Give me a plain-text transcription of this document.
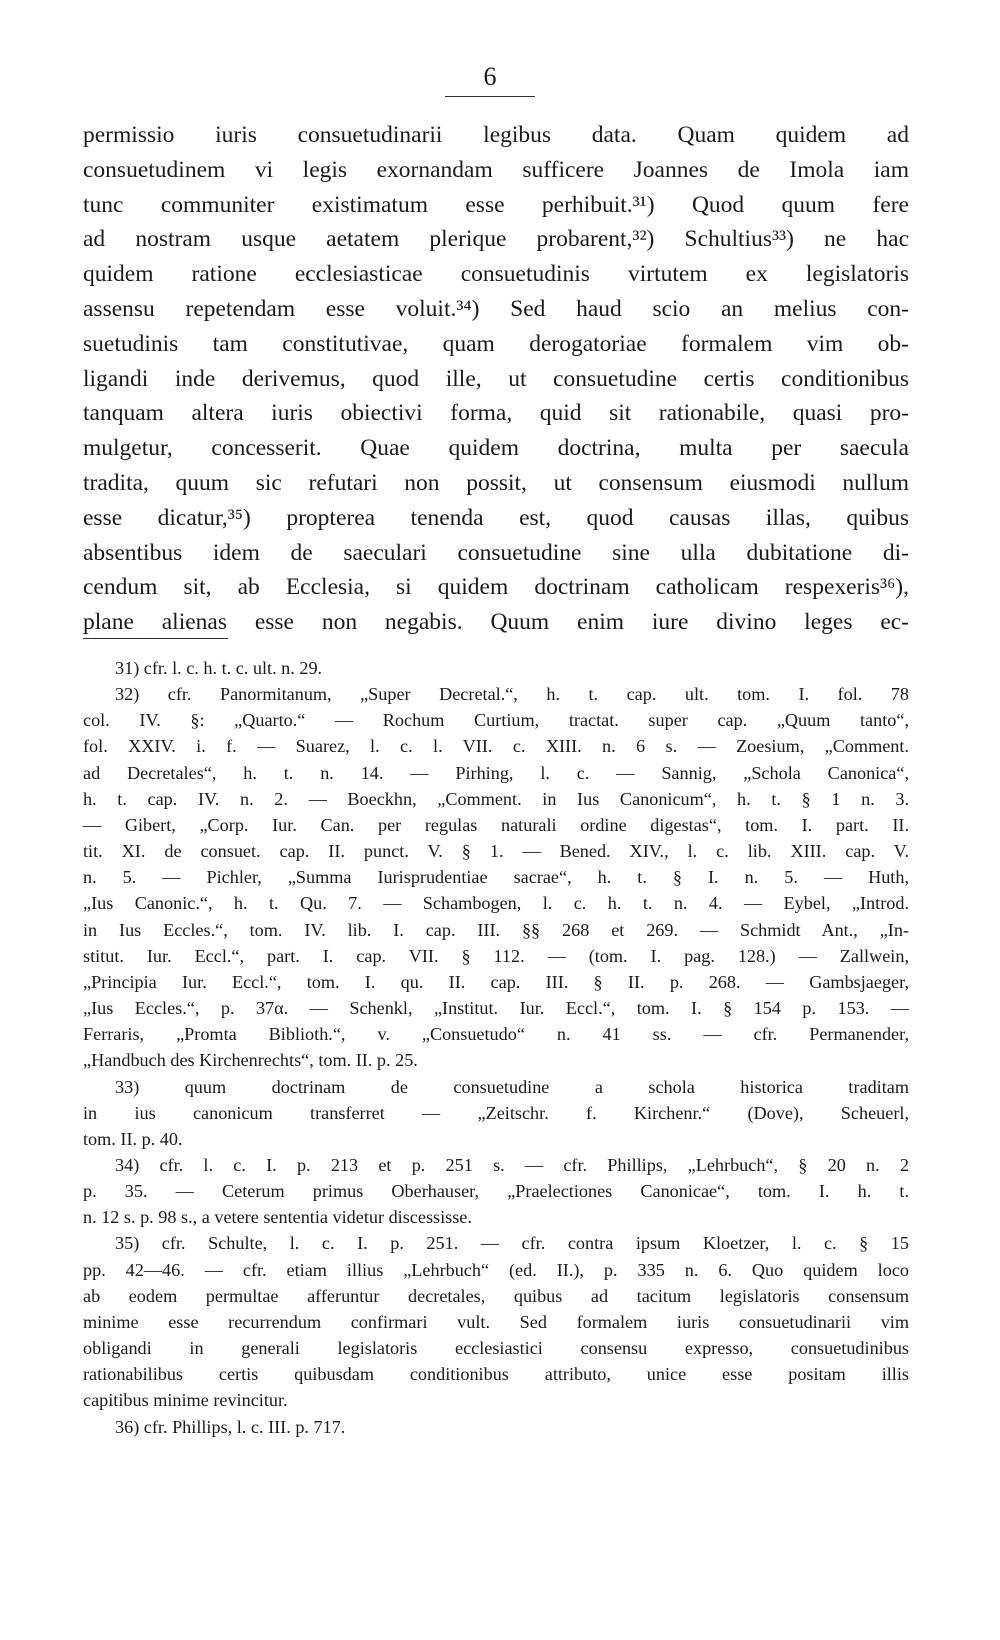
6
permissio iuris consuetudinarii legibus data. Quam quidem ad
consuetudinem vi legis exornandam sufficere Joannes de Imola iam
tunc communiter existimatum esse perhibuit.³¹) Quod quum fere
ad nostram usque aetatem plerique probarent,³²) Schultius³³) ne hac
quidem ratione ecclesiasticae consuetudinis virtutem ex legislatoris
assensu repetendam esse voluit.³⁴) Sed haud scio an melius con-
suetudinis tam constitutivae, quam derogatoriae formalem vim ob-
ligandi inde derivemus, quod ille, ut consuetudine certis conditionibus
tanquam altera iuris obiectivi forma, quid sit rationabile, quasi pro-
mulgetur, concesserit. Quae quidem doctrina, multa per saecula
tradita, quum sic refutari non possit, ut consensum eiusmodi nullum
esse dicatur,³⁵) propterea tenenda est, quod causas illas, quibus
absentibus idem de saeculari consuetudine sine ulla dubitatione di-
cendum sit, ab Ecclesia, si quidem doctrinam catholicam respexeris³⁶),
plane alienas esse non negabis. Quum enim iure divino leges ec-
31) cfr. l. c. h. t. c. ult. n. 29.
32) cfr. Panormitanum, „Super Decretal.“, h. t. cap. ult. tom. I. fol. 78
col. IV. §: „Quarto.“ — Rochum Curtium, tractat. super cap. „Quum tanto“,
fol. XXIV. i. f. — Suarez, l. c. l. VII. c. XIII. n. 6 s. — Zoesium, „Comment.
ad Decretales“, h. t. n. 14. — Pirhing, l. c. — Sannig, „Schola Canonica“,
h. t. cap. IV. n. 2. — Boeckhn, „Comment. in Ius Canonicum“, h. t. § 1 n. 3.
— Gibert, „Corp. Iur. Can. per regulas naturali ordine digestas“, tom. I. part. II.
tit. XI. de consuet. cap. II. punct. V. § 1. — Bened. XIV., l. c. lib. XIII. cap. V.
n. 5. — Pichler, „Summa Iurisprudentiae sacrae“, h. t. § I. n. 5. — Huth,
„Ius Canonic.“, h. t. Qu. 7. — Schambogen, l. c. h. t. n. 4. — Eybel, „Introd.
in Ius Eccles.“, tom. IV. lib. I. cap. III. §§ 268 et 269. — Schmidt Ant., „In-
stitut. Iur. Eccl.“, part. I. cap. VII. § 112. — (tom. I. pag. 128.) — Zallwein,
„Principia Iur. Eccl.“, tom. I. qu. II. cap. III. § II. p. 268. — Gambsjaeger,
„Ius Eccles.“, p. 37α. — Schenkl, „Institut. Iur. Eccl.“, tom. I. § 154 p. 153. —
Ferraris, „Promta Biblioth.“, v. „Consuetudo“ n. 41 ss. — cfr. Permanender,
„Handbuch des Kirchenrechts“, tom. II. p. 25.
33) quum doctrinam de consuetudine a schola historica traditam
in ius canonicum transferret — „Zeitschr. f. Kirchenr.“ (Dove), Scheuerl,
tom. II. p. 40.
34) cfr. l. c. I. p. 213 et p. 251 s. — cfr. Phillips, „Lehrbuch“, § 20 n. 2
p. 35. — Ceterum primus Oberhauser, „Praelectiones Canonicae“, tom. I. h. t.
n. 12 s. p. 98 s., a vetere sententia videtur discessisse.
35) cfr. Schulte, l. c. I. p. 251. — cfr. contra ipsum Kloetzer, l. c. § 15
pp. 42—46. — cfr. etiam illius „Lehrbuch“ (ed. II.), p. 335 n. 6. Quo quidem loco
ab eodem permultae afferuntur decretales, quibus ad tacitum legislatoris consensum
minime esse recurrendum confirmari vult. Sed formalem iuris consuetudinarii vim
obligandi in generali legislatoris ecclesiastici consensu expresso, consuetudinibus
rationabilibus certis quibusdam conditionibus attributo, unice esse positam illis
capitibus minime revincitur.
36) cfr. Phillips, l. c. III. p. 717.
